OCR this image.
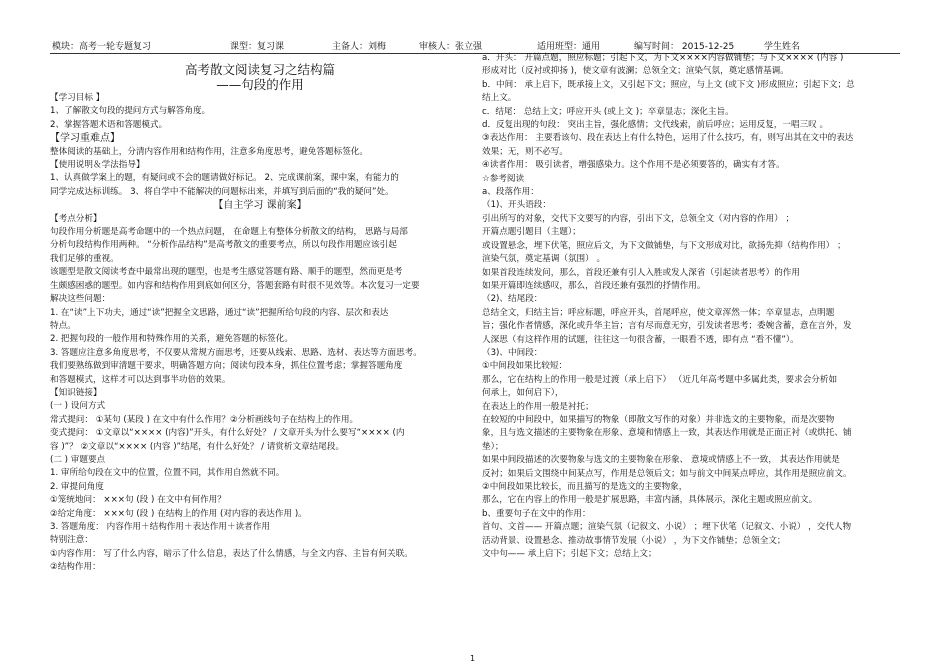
模块：高考一轮专题复习	课型：复习课	主备人：刘梅	审核人：张立强	适用班型：通用	编写时间： 2015-12-25	学生姓名
高考散文阅读复习之结构篇
——句段的作用
【学习目标 】
1、了解散文句段的提问方式与解答角度。
2、掌握答题术语和答题模式。
【学习重难点】
整体阅读的基础上，分清内容作用和结构作用，注意多角度思考，避免答题标签化。
【使用说明＆学法指导】
1、认真做学案上的题，有疑问或不会的题请做好标记。 2、完成课前案，课中案，有能力的
同学完成达标训练。 3、将自学中不能解决的问题标出来，并填写到后面的“我的疑问”处。
【自主学习 课前案】
【考点分析】
句段作用分析题是高考命题中的一个热点问题， 在命题上有整体分析散文的结构， 思路与局部
分析句段结构作用两种。 “分析作品结构”是高考散文的重要考点，所以句段作用题应该引起
我们足够的重视。
该题型是散文阅读考查中最常出现的题型，也是考生感觉答题有路、顺手的题型，然而更是考
生颇感困惑的题型。如内容和结构作用到底如何区分，答题套路有时很不见效等。本次复习一定要
解决这些问题：
1. 在“读”上下功夫，通过“读”把握全文思路，通过“读”把握所给句段的内容、层次和表达
特点。
2. 把握句段的一般作用和特殊作用的关系，避免答题的标签化。
3. 答题应注意多角度思考，不仅要从常规方面思考，还要从线索、思路、选材、表达等方面思考。
我们要熟练做到审清题干要求，明确答题方向；阅读句段本身，抓住位置考虑；掌握答题角度
和答题模式，这样才可以达到事半功倍的效果。
【知识链接】
(一 ) 设问方式
常式提问： ①某句 (某段 ) 在文中有什么作用？②分析画线句子在结构上的作用。
变式提问： ①文章以“×××× (内容)”开头，有什么好处？ / 文章开头为什么要写“×××× (内
容 )”？ ②文章以“×××× (内容 )”结尾，有什么好处？ / 请赏析文章结尾段。
(二 ) 审题要点
1. 审所给句段在文中的位置，位置不同，其作用自然就不同。
2. 审提问角度
①笼统地问： ×××句 (段 ) 在文中有何作用？
②给定角度： ×××句 (段 ) 在结构上的作用 (对内容的表达作用 )。
3. 答题角度： 内容作用＋结构作用＋表达作用＋读者作用
特别注意：
①内容作用： 写了什么内容，暗示了什么信息，表达了什么情感，与全文内容、主旨有何关联。
②结构作用：
a．开头： 开篇点题，照应标题；引起下文，为下文××××内容做铺垫；与下文×××× (内容 )
形成对比（反衬或抑扬 )，使文章有波澜；总领全文；渲染气氛，奠定感情基调。
b．中间： 承上启下，既承接上文，又引起下文；照应，与上文 (或下文 )形成照应；引起下文；总
结上文。
c．结尾： 总结上文；呼应开头 (或上文 )；卒章显志；深化主旨。
d．反复出现的句段： 突出主旨，强化感情；文代线索，前后呼应；运用反复，一唱三叹 。
③表达作用： 主要看该句、段在表达上有什么特色，运用了什么技巧，有，则写出其在文中的表达
效果；无，则不必写。
④读者作用： 吸引读者，增强感染力。这个作用不是必须要答的，确实有才答。
☆参考阅读
a、段落作用：
（1)、开头语段：
引出所写的对象，交代下文要写的内容，引出下文，总领全文（对内容的作用） ；
开篇点题引题目（主题）；
或设置悬念，埋下伏笔，照应后文，为下文做铺垫，与下文形成对比，欲扬先抑（结构作用） ；
渲染气氛，奠定基调（氛围） 。
如果首段连续发问，那么，首段还兼有引人入胜或发人深省（引起读者思考）的作用
如果开篇即连续感叹，那么，首段还兼有强烈的抒情作用。
（2)、结尾段：
总结全文，归结主旨；呼应标题，呼应开头，首尾呼应，使文章浑然一体；卒章显志，点明题
旨；强化作者情感，深化或升华主旨；言有尽而意无穷，引发读者思考；委婉含蓄，意在言外，发
人深思（有这样作用的试题，往往这一句很含蓄，一眼看不透，即有点 “看不懂”）。
（3)、中间段：
①中间段如果比较短：
那么，它在结构上的作用一般是过渡（承上启下） （近几年高考题中多属此类，要求会分析如
何承上，如何启下），
在表达上的作用一般是衬托；
在较短的中间段中，如果描写的物象（即散文写作的对象）并非选文的主要物象，而是次要物
象，且与选文描述的主要物象在形象、意境和情感上一致，其表达作用就是正面正衬（或烘托、铺
垫）；
如果中间段描述的次要物象与选文的主要物象在形象、 意境或情感上不一致， 其表达作用就是
反衬；如果后文围绕中间某点写，作用是总领后文；如与前文中间某点呼应，其作用是照应前文。
②中间段如果比较长，而且描写的是选文的主要物象，
那么，它在内容上的作用一般是扩展思路，丰富内涵，具体展示，深化主题或照应前文。
b、重要句子在文中的作用：
首句、文首—— 开篇点题；渲染气氛（记叙文、小说） ；埋下伏笔（记叙文、小说） ，交代人物
活动背景、设置悬念、推动故事情节发展（小说） ，为下文作铺垫；总领全文；
文中句—— 承上启下；引起下文；总结上文；
1
